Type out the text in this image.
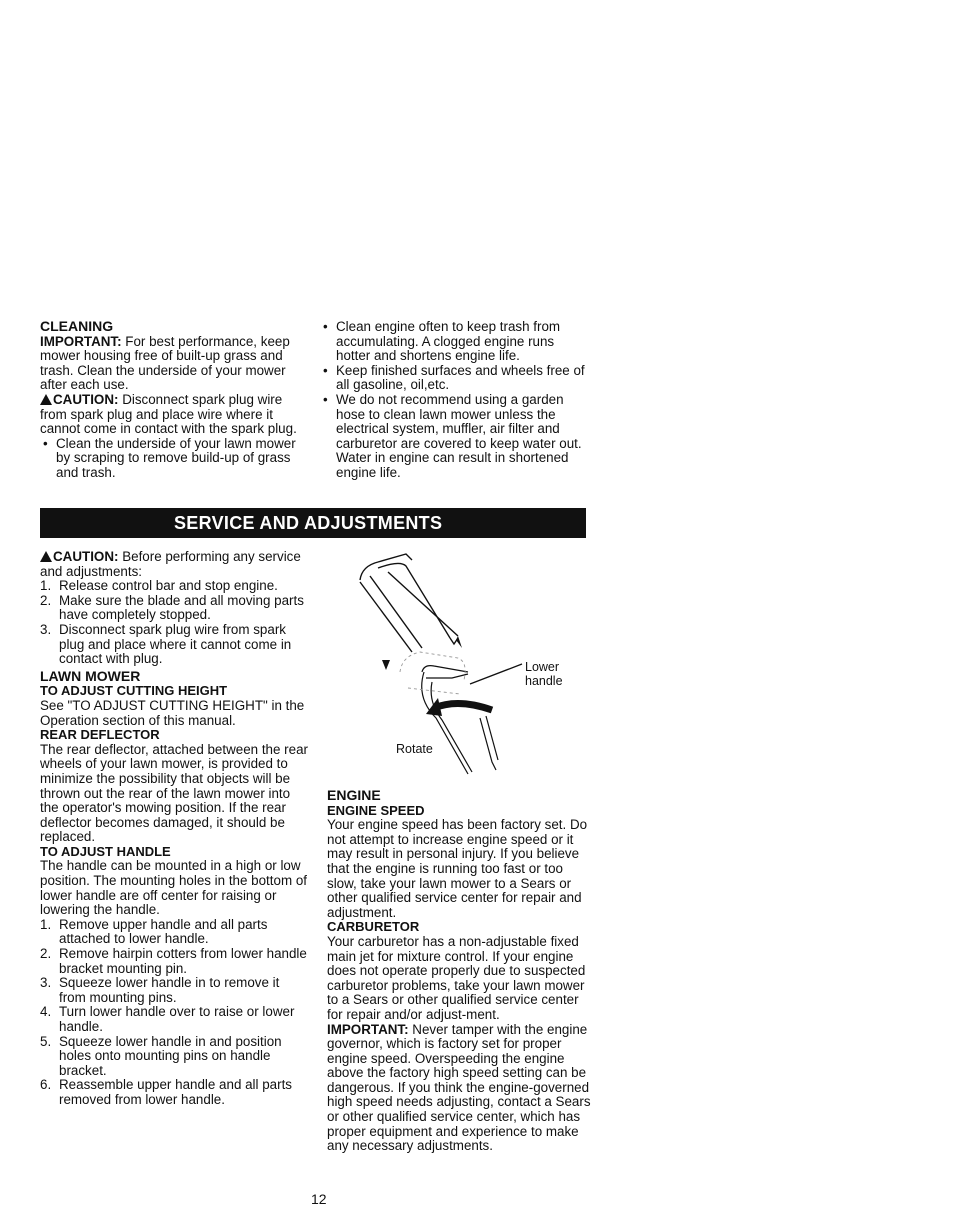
CLEANING

IMPORTANT: For best performance, keep mower housing free of built-up grass and trash. Clean the underside of your mower after each use.

CAUTION: Disconnect spark plug wire from spark plug and place wire where it cannot come in contact with the spark plug.

• Clean the underside of your lawn mower by scraping to remove build-up of grass and trash.
• Clean engine often to keep trash from accumulating. A clogged engine runs hotter and shortens engine life.
• Keep finished surfaces and wheels free of all gasoline, oil,etc.
• We do not recommend using a garden hose to clean lawn mower unless the electrical system, muffler, air filter and carburetor are covered to keep water out. Water in engine can result in shortened engine life.
SERVICE AND ADJUSTMENTS

CAUTION: Before performing any service and adjustments:

1. Release control bar and stop engine.
2. Make sure the blade and all moving parts have completely stopped.
3. Disconnect spark plug wire from spark plug and place where it cannot come in contact with plug.
LAWN MOWER
TO ADJUST CUTTING HEIGHT

See "TO ADJUST CUTTING HEIGHT" in the Operation section of this manual.

REAR DEFLECTOR

The rear deflector, attached between the rear wheels of your lawn mower, is provided to minimize the possibility that objects will be thrown out the rear of the lawn mower into the operator's mowing position. If the rear deflector becomes damaged, it should be replaced.

TO ADJUST HANDLE

The handle can be mounted in a high or low position. The mounting holes in the bottom of lower handle are off center for raising or lowering the handle.

1. Remove upper handle and all parts attached to lower handle.
2. Remove hairpin cotters from lower handle bracket mounting pin.
3. Squeeze lower handle in to remove it from mounting pins.
4. Turn lower handle over to raise or lower handle.
5. Squeeze lower handle in and position holes onto mounting pins on handle bracket.
6. Reassemble upper handle and all parts removed from lower handle.
Lower
handle
Rotate
ENGINE
ENGINE SPEED

Your engine speed has been factory set. Do not attempt to increase engine speed or it may result in personal injury. If you believe that the engine is running too fast or too slow, take your lawn mower to a Sears or other qualified service center for repair and adjustment.

CARBURETOR

Your carburetor has a non-adjustable fixed main jet for mixture control. If your engine does not operate properly due to suspected carburetor problems, take your lawn mower to a Sears or other qualified service center for repair and/or adjust-ment.

IMPORTANT: Never tamper with the engine governor, which is factory set for proper engine speed. Overspeeding the engine above the factory high speed setting can be dangerous. If you think the engine-governed high speed needs adjusting, contact a Sears or other qualified service center, which has proper equipment and experience to make any necessary adjustments.

12
